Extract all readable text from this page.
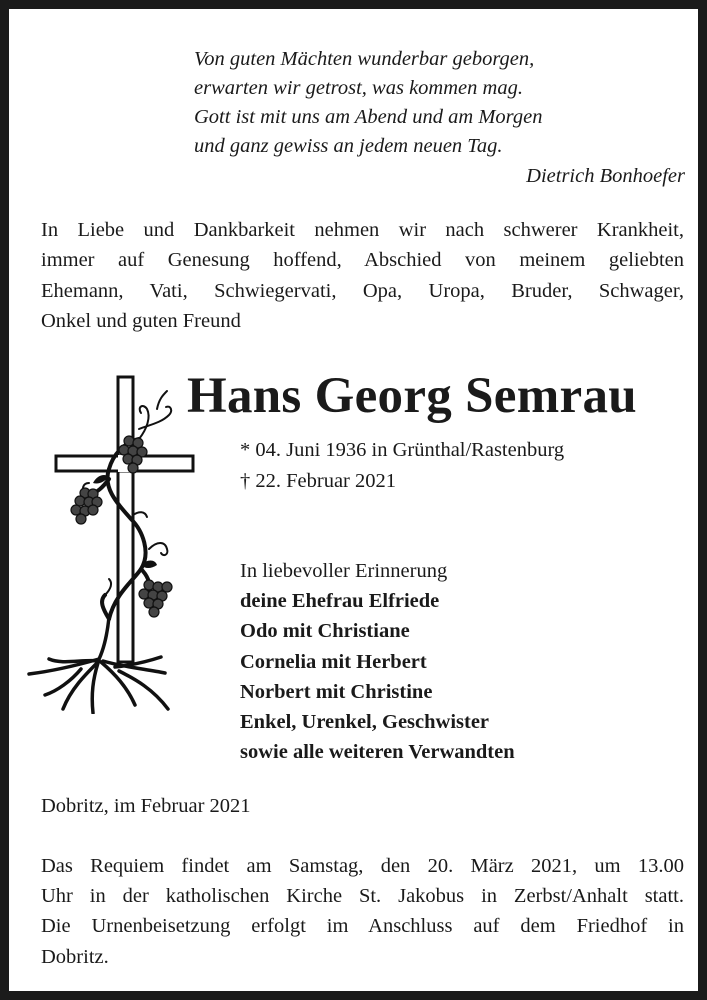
Von guten Mächten wunderbar geborgen,
erwarten wir getrost, was kommen mag.
Gott ist mit uns am Abend und am Morgen
und ganz gewiss an jedem neuen Tag.
Dietrich Bonhoefer
In Liebe und Dankbarkeit nehmen wir nach schwerer Krankheit,
immer auf Genesung hoffend, Abschied von meinem geliebten
Ehemann, Vati, Schwiegervati, Opa, Uropa, Bruder, Schwager,
Onkel und guten Freund
Hans Georg Semrau
* 04. Juni 1936 in Grünthal/Rastenburg
† 22. Februar 2021
In liebevoller Erinnerung
deine Ehefrau Elfriede
Odo mit Christiane
Cornelia mit Herbert
Norbert mit Christine
Enkel, Urenkel, Geschwister
sowie alle weiteren Verwandten
Dobritz, im Februar 2021
Das Requiem findet am Samstag, den 20. März 2021, um 13.00
Uhr in der katholischen Kirche St. Jakobus in Zerbst/Anhalt statt.
Die Urnenbeisetzung erfolgt im Anschluss auf dem Friedhof in
Dobritz.
